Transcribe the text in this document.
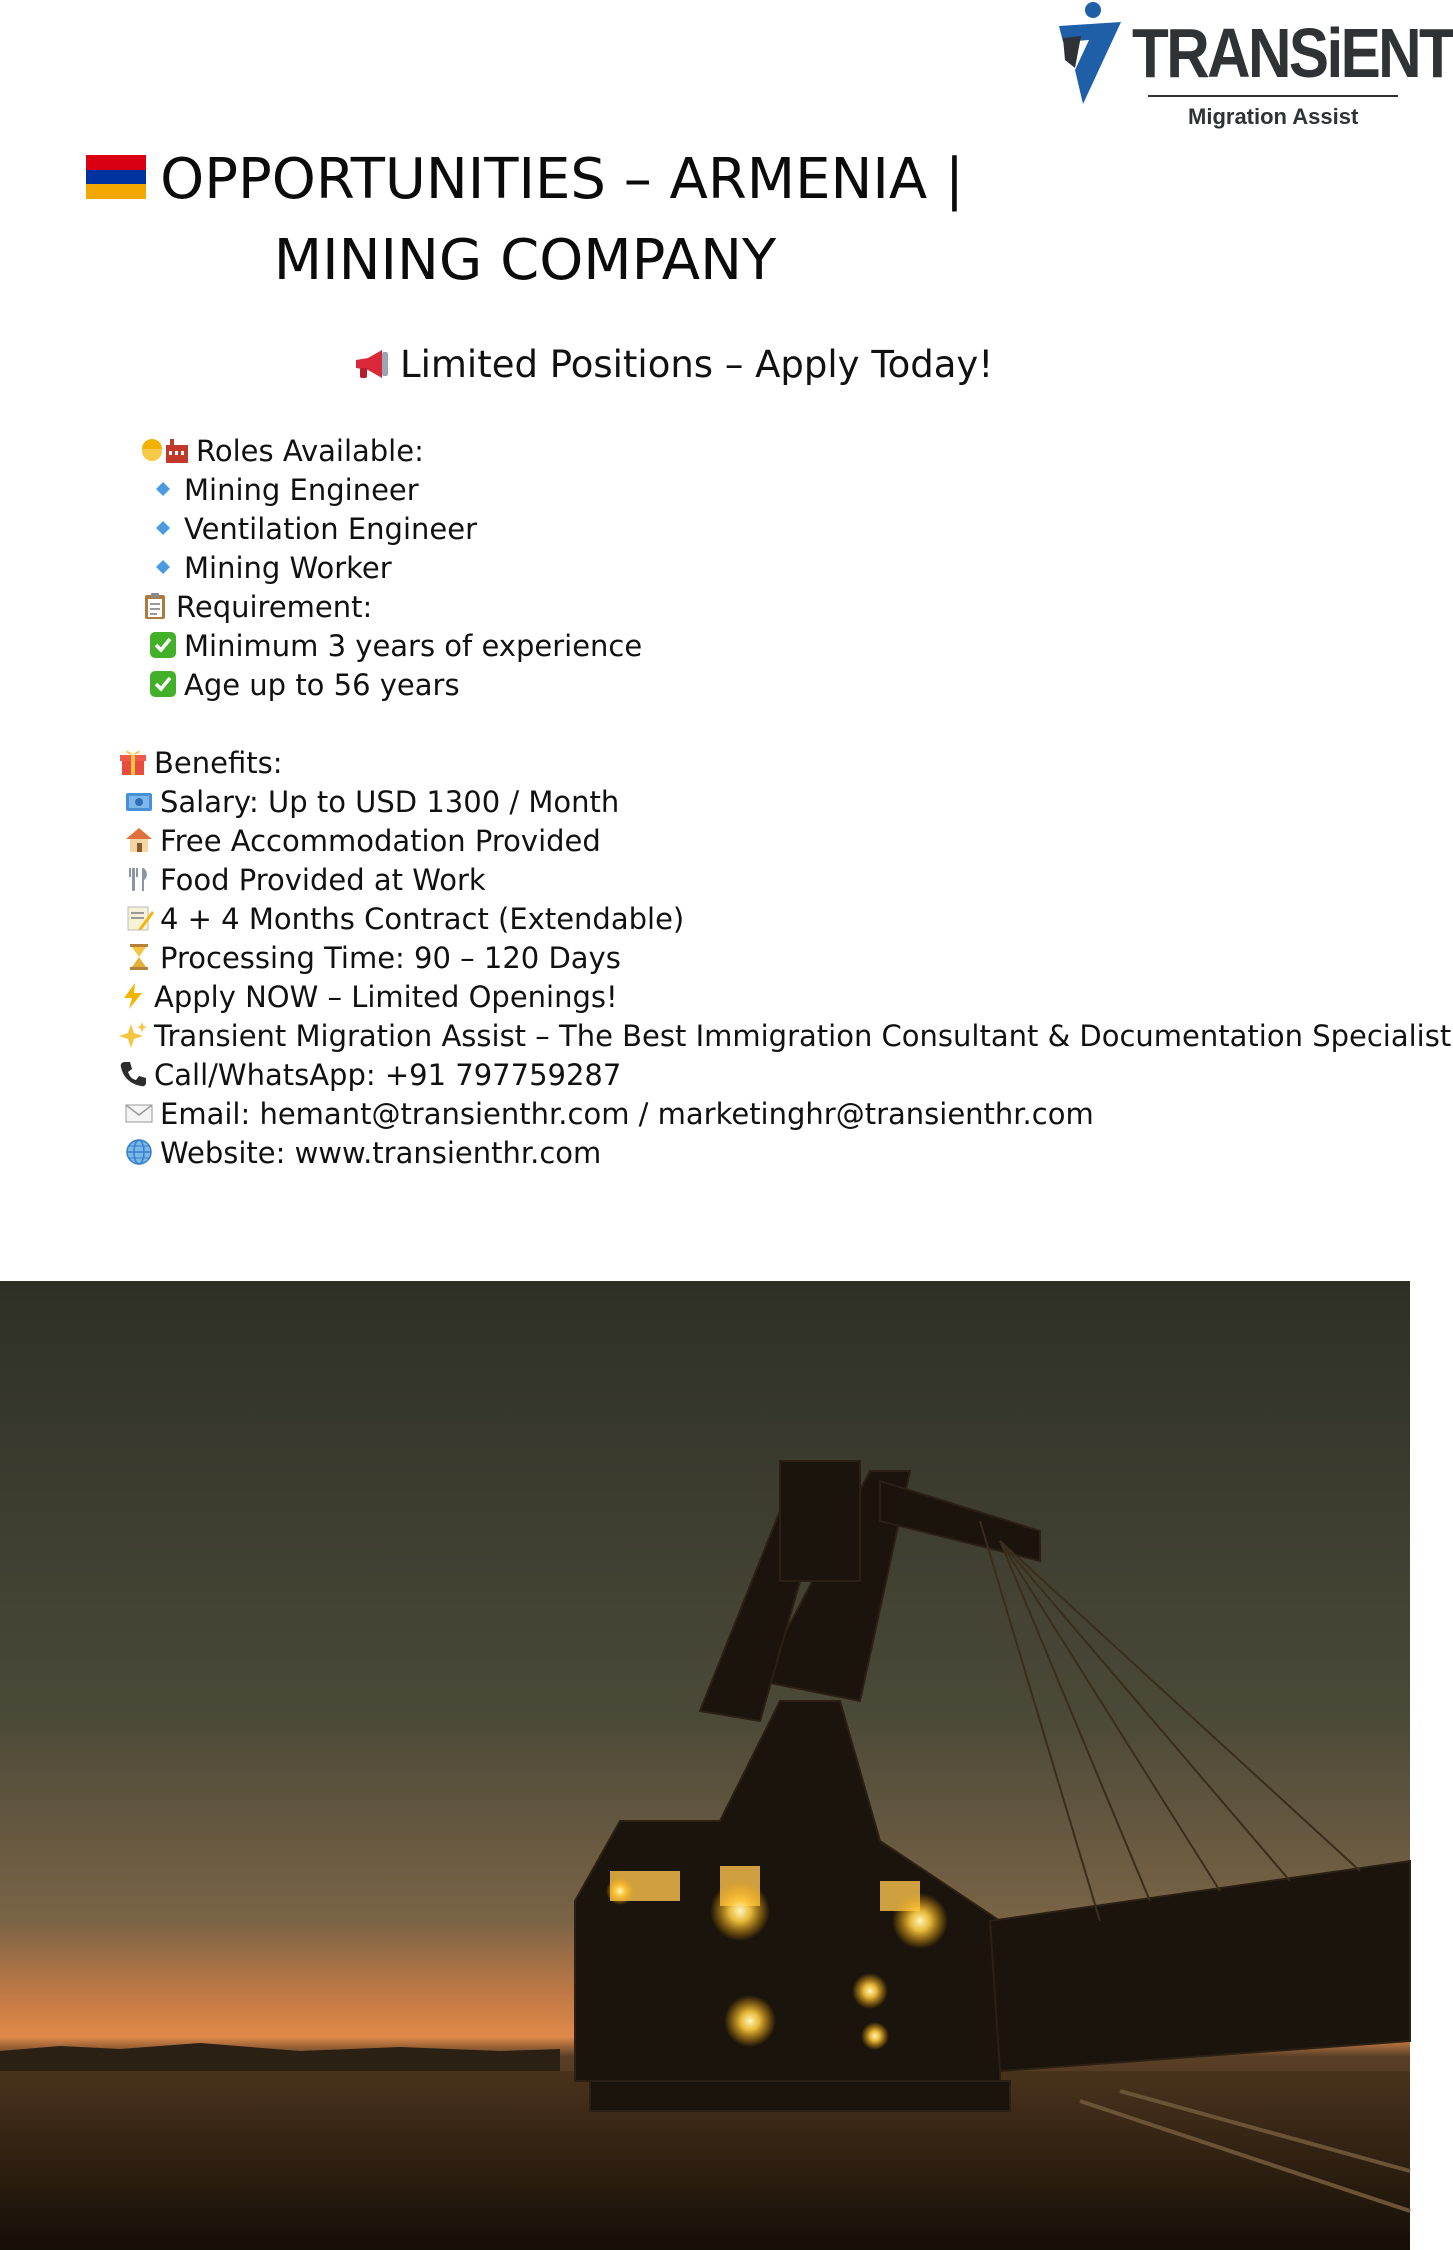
TRANSiENT
Migration Assist
OPPORTUNITIES – ARMENIA |
MINING COMPANY
Limited Positions – Apply Today!
Roles Available:
Mining Engineer
Ventilation Engineer
Mining Worker
Requirement:
Minimum 3 years of experience
Age up to 56 years
Benefits:
Salary: Up to USD 1300 / Month
Free Accommodation Provided
Food Provided at Work
4 + 4 Months Contract (Extendable)
Processing Time: 90 – 120 Days
Apply NOW – Limited Openings!
Transient Migration Assist – The Best Immigration Consultant & Documentation Specialist
Call/WhatsApp: +91 797759287
Email: hemant@transienthr.com / marketinghr@transienthr.com
Website: www.transienthr.com
